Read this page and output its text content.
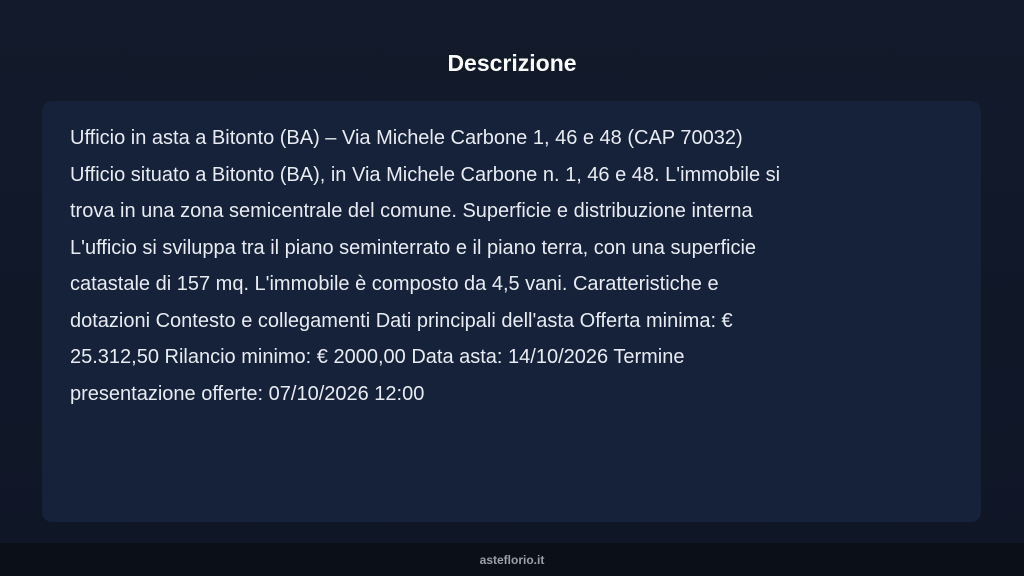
Descrizione
Ufficio in asta a Bitonto (BA) – Via Michele Carbone 1, 46 e 48 (CAP 70032)
Ufficio situato a Bitonto (BA), in Via Michele Carbone n. 1, 46 e 48. L'immobile si
trova in una zona semicentrale del comune. Superficie e distribuzione interna
L'ufficio si sviluppa tra il piano seminterrato e il piano terra, con una superficie
catastale di 157 mq. L'immobile è composto da 4,5 vani. Caratteristiche e
dotazioni Contesto e collegamenti Dati principali dell'asta Offerta minima: €
25.312,50 Rilancio minimo: € 2000,00 Data asta: 14/10/2026 Termine
presentazione offerte: 07/10/2026 12:00
asteflorio.it
